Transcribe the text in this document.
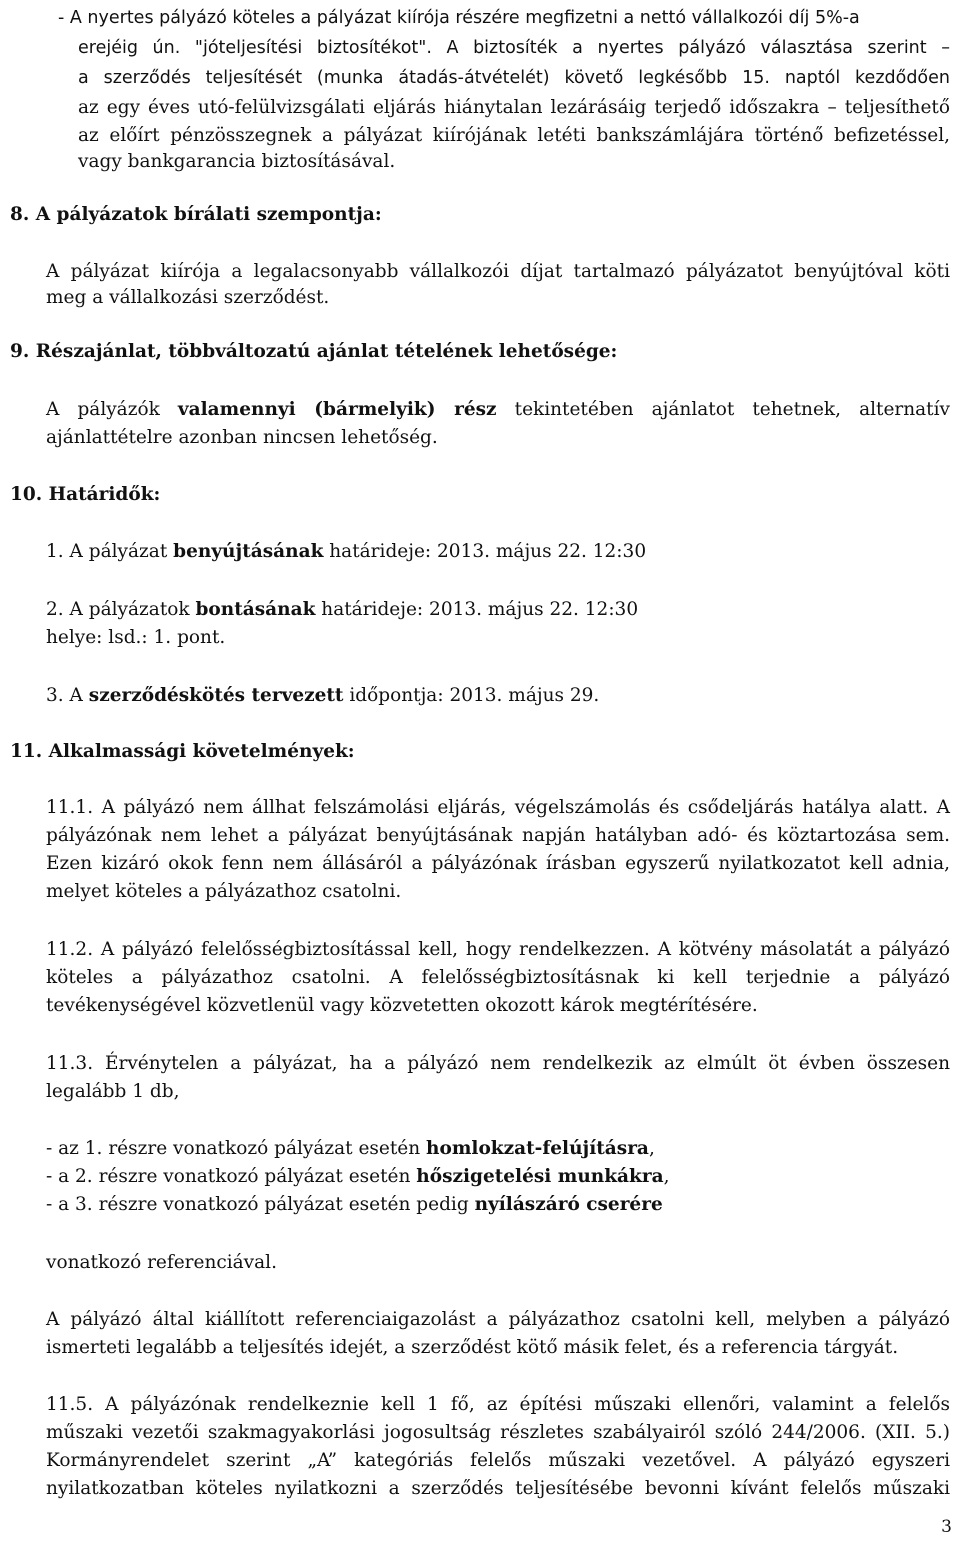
- A nyertes pályázó köteles a pályázat kiírója részére megfizetni a nettó vállalkozói díj 5%-a
erejéig ún. "jóteljesítési biztosítékot". A biztosíték a nyertes pályázó választása szerint –
a szerződés teljesítését (munka átadás-átvételét) követő legkésőbb 15. naptól kezdődően
az egy éves utó-felülvizsgálati eljárás hiánytalan lezárásáig terjedő időszakra – teljesíthető
az előírt pénzösszegnek a pályázat kiírójának letéti bankszámlájára történő befizetéssel,
vagy bankgarancia biztosításával.
8. A pályázatok bírálati szempontja:
A pályázat kiírója a legalacsonyabb vállalkozói díjat tartalmazó pályázatot benyújtóval köti
meg a vállalkozási szerződést.
9. Részajánlat, többváltozatú ajánlat tételének lehetősége:
A pályázók valamennyi (bármelyik) rész tekintetében ajánlatot tehetnek, alternatív
ajánlattételre azonban nincsen lehetőség.
10. Határidők:
1. A pályázat benyújtásának határideje: 2013. május 22. 12:30
2. A pályázatok bontásának határideje: 2013. május 22. 12:30
helye: lsd.: 1. pont.
3. A szerződéskötés tervezett időpontja: 2013. május 29.
11. Alkalmassági követelmények:
11.1. A pályázó nem állhat felszámolási eljárás, végelszámolás és csődeljárás hatálya alatt. A
pályázónak nem lehet a pályázat benyújtásának napján hatályban adó- és köztartozása sem.
Ezen kizáró okok fenn nem állásáról a pályázónak írásban egyszerű nyilatkozatot kell adnia,
melyet köteles a pályázathoz csatolni.
11.2. A pályázó felelősségbiztosítással kell, hogy rendelkezzen. A kötvény másolatát a pályázó
köteles a pályázathoz csatolni. A felelősségbiztosításnak ki kell terjednie a pályázó
tevékenységével közvetlenül vagy közvetetten okozott károk megtérítésére.
11.3. Érvénytelen a pályázat, ha a pályázó nem rendelkezik az elmúlt öt évben összesen
legalább 1 db,
- az 1. részre vonatkozó pályázat esetén homlokzat-felújításra,
- a 2. részre vonatkozó pályázat esetén hőszigetelési munkákra,
- a 3. részre vonatkozó pályázat esetén pedig nyílászáró cserére
vonatkozó referenciával.
A pályázó által kiállított referenciaigazolást a pályázathoz csatolni kell, melyben a pályázó
ismerteti legalább a teljesítés idejét, a szerződést kötő másik felet, és a referencia tárgyát.
11.5. A pályázónak rendelkeznie kell 1 fő, az építési műszaki ellenőri, valamint a felelős
műszaki vezetői szakmagyakorlási jogosultság részletes szabályairól szóló 244/2006. (XII. 5.)
Kormányrendelet szerint „A” kategóriás felelős műszaki vezetővel. A pályázó egyszeri
nyilatkozatban köteles nyilatkozni a szerződés teljesítésébe bevonni kívánt felelős műszaki
3
